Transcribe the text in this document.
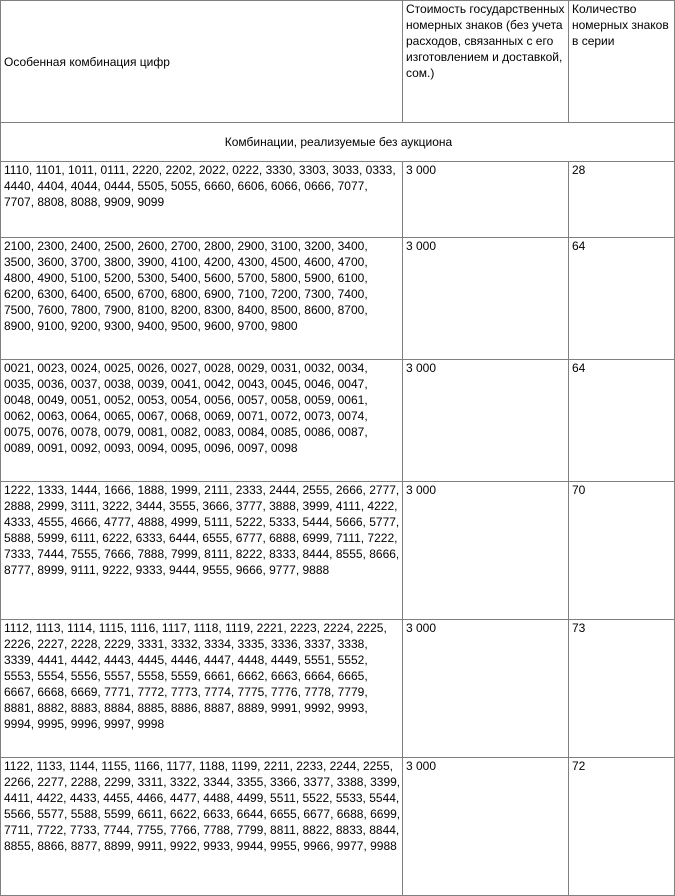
Особенная комбинация цифр	Стоимость государственных номерных знаков (без учета расходов, связанных с его изготовлением и доставкой, сом.)	Количество номерных знаков в серии
Комбинации, реализуемые без аукциона		

1110, 1101, 1011, 0111, 2220, 2202, 2022, 0222, 3330, 3303, 3033, 0333, 4440, 4404, 4044, 0444, 5505, 5055, 6660, 6606, 6066, 0666, 7077, 7707, 8808, 8088, 9909, 9099	3 000	28

2100, 2300, 2400, 2500, 2600, 2700, 2800, 2900, 3100, 3200, 3400, 3500, 3600, 3700, 3800, 3900, 4100, 4200, 4300, 4500, 4600, 4700, 4800, 4900, 5100, 5200, 5300, 5400, 5600, 5700, 5800, 5900, 6100, 6200, 6300, 6400, 6500, 6700, 6800, 6900, 7100, 7200, 7300, 7400, 7500, 7600, 7800, 7900, 8100, 8200, 8300, 8400, 8500, 8600, 8700, 8900, 9100, 9200, 9300, 9400, 9500, 9600, 9700, 9800	3 000	64

0021, 0023, 0024, 0025, 0026, 0027, 0028, 0029, 0031, 0032, 0034, 0035, 0036, 0037, 0038, 0039, 0041, 0042, 0043, 0045, 0046, 0047, 0048, 0049, 0051, 0052, 0053, 0054, 0056, 0057, 0058, 0059, 0061, 0062, 0063, 0064, 0065, 0067, 0068, 0069, 0071, 0072, 0073, 0074, 0075, 0076, 0078, 0079, 0081, 0082, 0083, 0084, 0085, 0086, 0087, 0089, 0091, 0092, 0093, 0094, 0095, 0096, 0097, 0098	3 000	64

1222, 1333, 1444, 1666, 1888, 1999, 2111, 2333, 2444, 2555, 2666, 2777, 2888, 2999, 3111, 3222, 3444, 3555, 3666, 3777, 3888, 3999, 4111, 4222, 4333, 4555, 4666, 4777, 4888, 4999, 5111, 5222, 5333, 5444, 5666, 5777, 5888, 5999, 6111, 6222, 6333, 6444, 6555, 6777, 6888, 6999, 7111, 7222, 7333, 7444, 7555, 7666, 7888, 7999, 8111, 8222, 8333, 8444, 8555, 8666, 8777, 8999, 9111, 9222, 9333, 9444, 9555, 9666, 9777, 9888	3 000	70

1112, 1113, 1114, 1115, 1116, 1117, 1118, 1119, 2221, 2223, 2224, 2225, 2226, 2227, 2228, 2229, 3331, 3332, 3334, 3335, 3336, 3337, 3338, 3339, 4441, 4442, 4443, 4445, 4446, 4447, 4448, 4449, 5551, 5552, 5553, 5554, 5556, 5557, 5558, 5559, 6661, 6662, 6663, 6664, 6665, 6667, 6668, 6669, 7771, 7772, 7773, 7774, 7775, 7776, 7778, 7779, 8881, 8882, 8883, 8884, 8885, 8886, 8887, 8889, 9991, 9992, 9993, 9994, 9995, 9996, 9997, 9998	3 000	73

1122, 1133, 1144, 1155, 1166, 1177, 1188, 1199, 2211, 2233, 2244, 2255, 2266, 2277, 2288, 2299, 3311, 3322, 3344, 3355, 3366, 3377, 3388, 3399, 4411, 4422, 4433, 4455, 4466, 4477, 4488, 4499, 5511, 5522, 5533, 5544, 5566, 5577, 5588, 5599, 6611, 6622, 6633, 6644, 6655, 6677, 6688, 6699, 7711, 7722, 7733, 7744, 7755, 7766, 7788, 7799, 8811, 8822, 8833, 8844, 8855, 8866, 8877, 8899, 9911, 9922, 9933, 9944, 9955, 9966, 9977, 9988	3 000	72
